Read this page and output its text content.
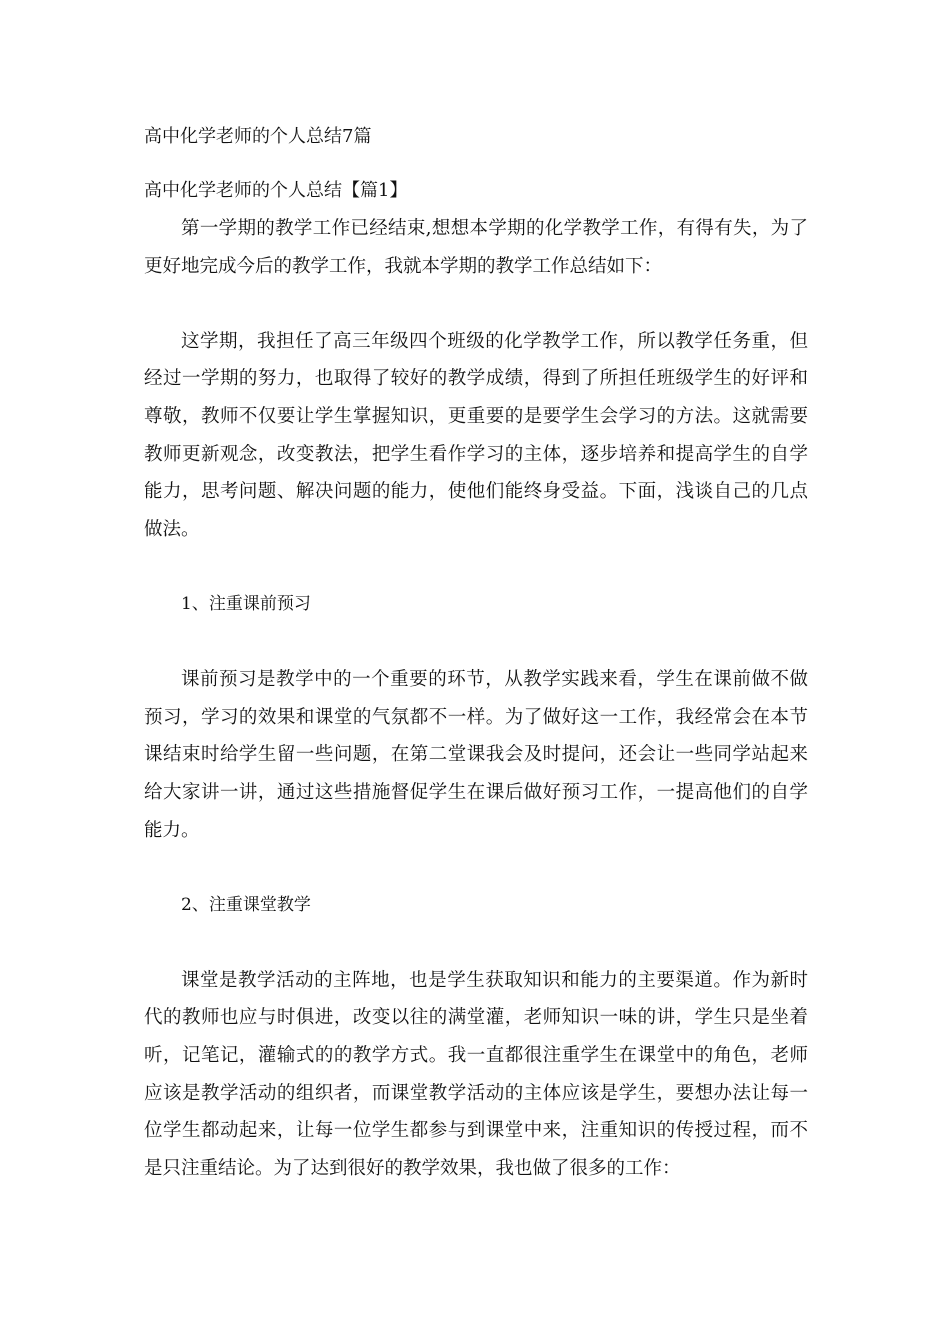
高中化学老师的个人总结7篇
高中化学老师的个人总结【篇1】

第一学期的教学工作已经结束,想想本学期的化学教学工作，有得有失，为了更好地完成今后的教学工作，我就本学期的教学工作总结如下：

这学期，我担任了高三年级四个班级的化学教学工作，所以教学任务重，但经过一学期的努力，也取得了较好的教学成绩，得到了所担任班级学生的好评和尊敬，教师不仅要让学生掌握知识，更重要的是要学生会学习的方法。这就需要教师更新观念，改变教法，把学生看作学习的主体，逐步培养和提高学生的自学能力，思考问题、解决问题的能力，使他们能终身受益。下面，浅谈自己的几点做法。

1、注重课前预习

课前预习是教学中的一个重要的环节，从教学实践来看，学生在课前做不做预习，学习的效果和课堂的气氛都不一样。为了做好这一工作，我经常会在本节课结束时给学生留一些问题，在第二堂课我会及时提问，还会让一些同学站起来给大家讲一讲，通过这些措施督促学生在课后做好预习工作，一提高他们的自学能力。

2、注重课堂教学

课堂是教学活动的主阵地，也是学生获取知识和能力的主要渠道。作为新时代的教师也应与时俱进，改变以往的满堂灌，老师知识一味的讲，学生只是坐着听，记笔记，灌输式的的教学方式。我一直都很注重学生在课堂中的角色，老师应该是教学活动的组织者，而课堂教学活动的主体应该是学生，要想办法让每一位学生都动起来，让每一位学生都参与到课堂中来，注重知识的传授过程，而不是只注重结论。为了达到很好的教学效果，我也做了很多的工作：
